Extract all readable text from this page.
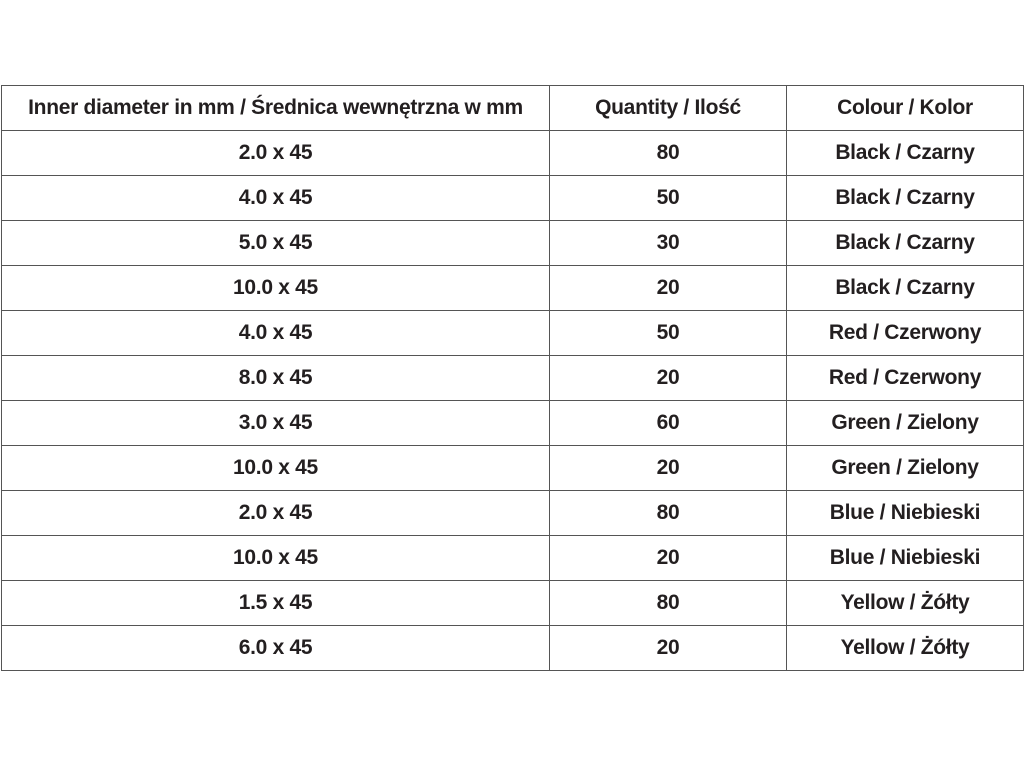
Inner diameter in mm / Średnica wewnętrzna w mm	Quantity / Ilość	Colour / Kolor
2.0 x 45	80	Black / Czarny
4.0 x 45	50	Black / Czarny
5.0 x 45	30	Black / Czarny
10.0 x 45	20	Black / Czarny
4.0 x 45	50	Red / Czerwony
8.0 x 45	20	Red / Czerwony
3.0 x 45	60	Green / Zielony
10.0 x 45	20	Green / Zielony
2.0 x 45	80	Blue / Niebieski
10.0 x 45	20	Blue / Niebieski
1.5 x 45	80	Yellow / Żółty
6.0 x 45	20	Yellow / Żółty
